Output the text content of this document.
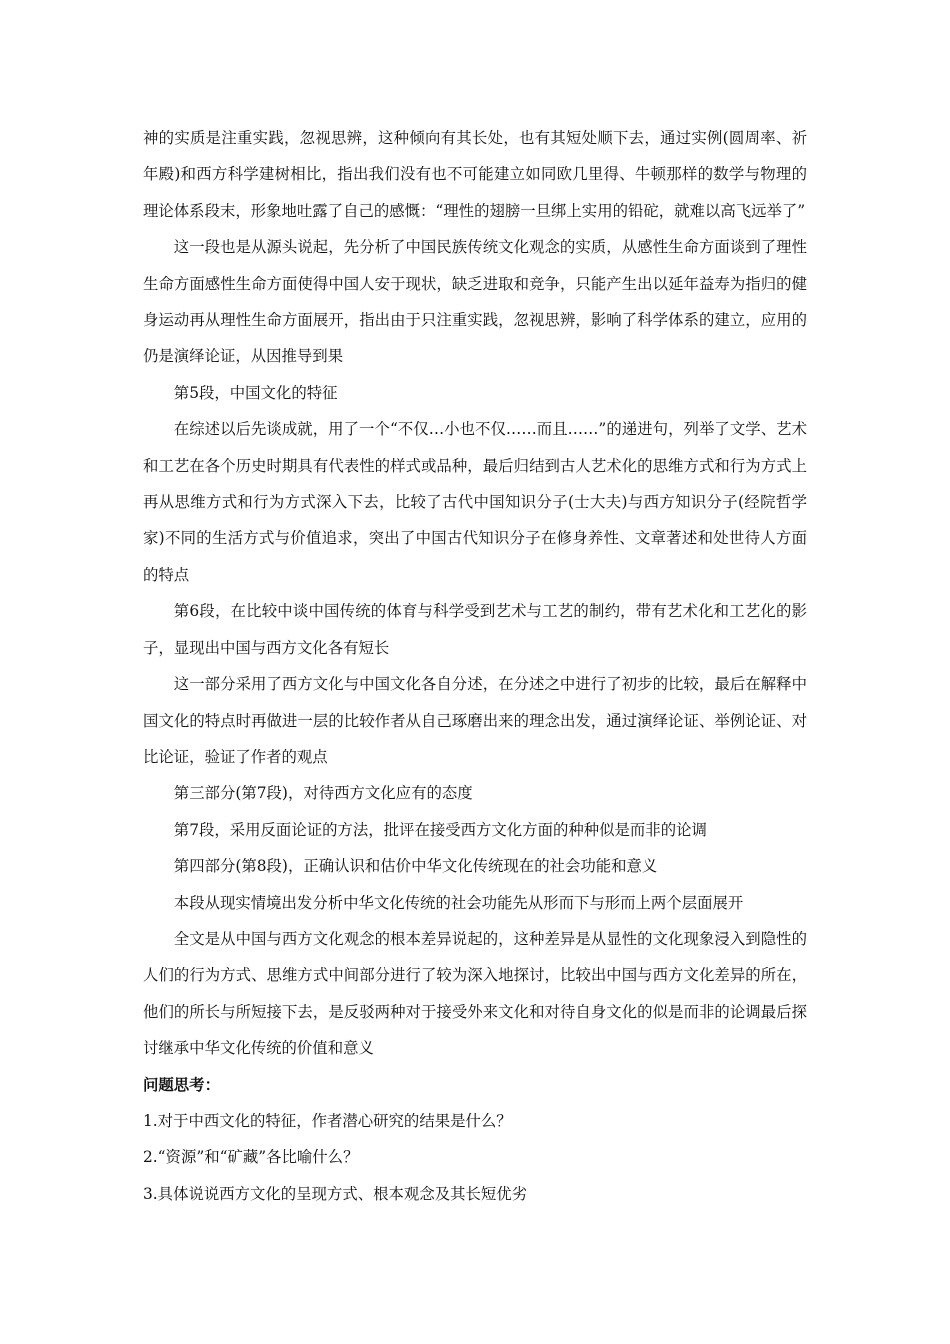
神的实质是注重实践，忽视思辨，这种倾向有其长处，也有其短处顺下去，通过实例(圆周率、祈年殿)和西方科学建树相比，指出我们没有也不可能建立如同欧几里得、牛顿那样的数学与物理的理论体系段末，形象地吐露了自己的感慨：“理性的翅膀一旦绑上实用的铅砣，就难以高飞远举了”

这一段也是从源头说起，先分析了中国民族传统文化观念的实质，从感性生命方面谈到了理性生命方面感性生命方面使得中国人安于现状，缺乏进取和竞争，只能产生出以延年益寿为指归的健身运动再从理性生命方面展开，指出由于只注重实践，忽视思辨，影响了科学体系的建立，应用的仍是演绎论证，从因推导到果

第5段，中国文化的特征

在综述以后先谈成就，用了一个“不仅…小也不仅……而且……”的递进句，列举了文学、艺术和工艺在各个历史时期具有代表性的样式或品种，最后归结到古人艺术化的思维方式和行为方式上再从思维方式和行为方式深入下去，比较了古代中国知识分子(士大夫)与西方知识分子(经院哲学家)不同的生活方式与价值追求，突出了中国古代知识分子在修身养性、文章著述和处世待人方面的特点

第6段，在比较中谈中国传统的体育与科学受到艺术与工艺的制约，带有艺术化和工艺化的影子，显现出中国与西方文化各有短长

这一部分采用了西方文化与中国文化各自分述，在分述之中进行了初步的比较，最后在解释中国文化的特点时再做进一层的比较作者从自己琢磨出来的理念出发，通过演绎论证、举例论证、对比论证，验证了作者的观点

第三部分(第7段)，对待西方文化应有的态度

第7段，采用反面论证的方法，批评在接受西方文化方面的种种似是而非的论调

第四部分(第8段)，正确认识和估价中华文化传统现在的社会功能和意义

本段从现实情境出发分析中华文化传统的社会功能先从形而下与形而上两个层面展开

全文是从中国与西方文化观念的根本差异说起的，这种差异是从显性的文化现象浸入到隐性的人们的行为方式、思维方式中间部分进行了较为深入地探讨，比较出中国与西方文化差异的所在，他们的所长与所短接下去，是反驳两种对于接受外来文化和对待自身文化的似是而非的论调最后探讨继承中华文化传统的价值和意义

问题思考：

1.对于中西文化的特征，作者潜心研究的结果是什么？

2.“资源”和“矿藏”各比喻什么？

3.具体说说西方文化的呈现方式、根本观念及其长短优劣
